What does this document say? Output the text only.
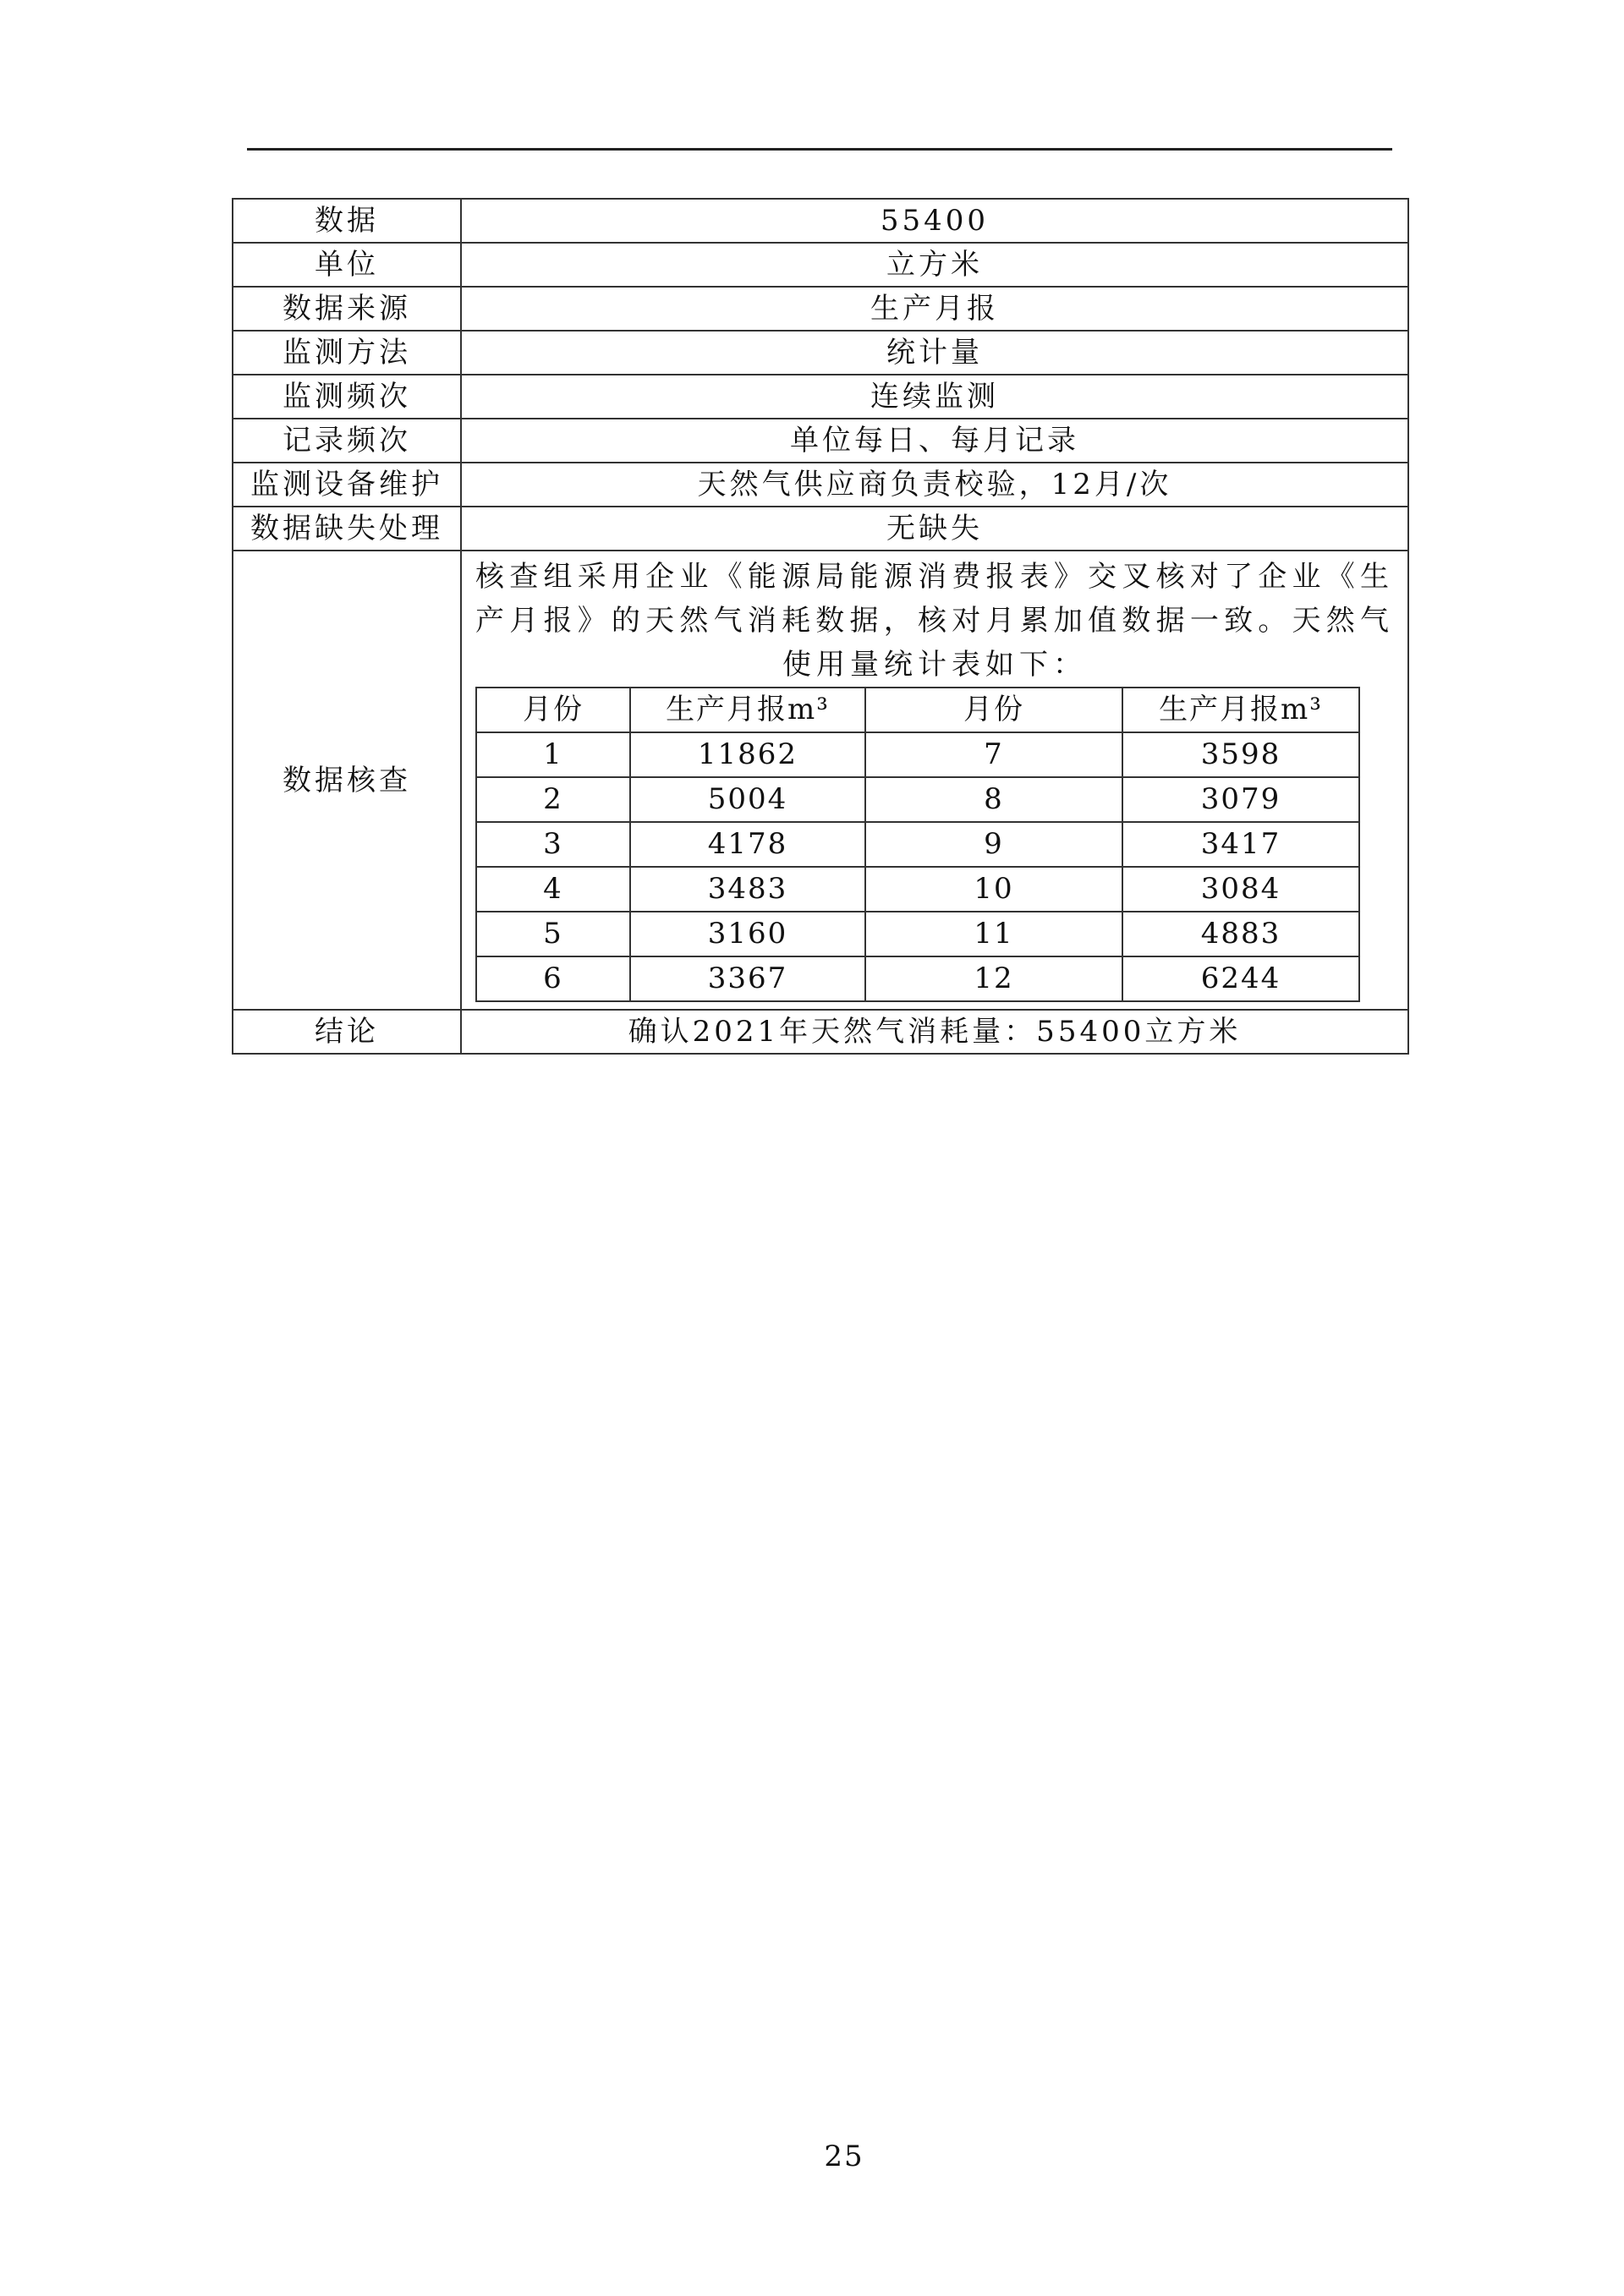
数据	55400
单位	立方米
数据来源	生产月报
监测方法	统计量
监测频次	连续监测
记录频次	单位每日、每月记录
监测设备维护	天然气供应商负责校验，12月/次
数据缺失处理	无缺失
数据核查	

核查组采用企业《能源局能源消费报表》交叉核对了企业《生产月报》的天然气消耗数据，核对月累加值数据一致。天然气使用量统计表如下：

月份	生产月报m³	月份	生产月报m³
1	11862	7	3598
2	5004	8	3079
3	4178	9	3417
4	3483	10	3084
5	3160	11	4883
6	3367	12	6244

结论	确认2021年天然气消耗量：55400立方米
25
